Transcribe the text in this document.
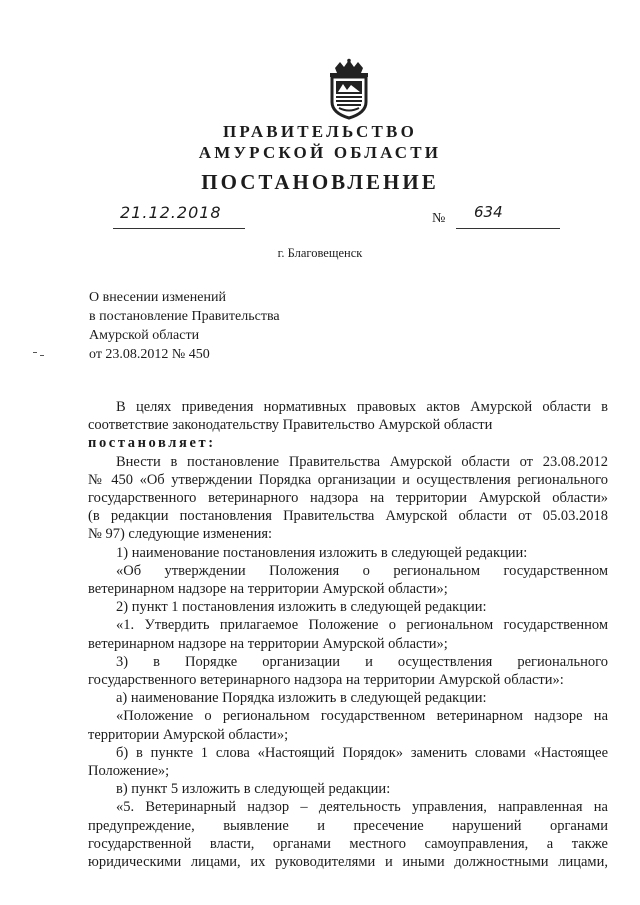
ПРАВИТЕЛЬСТВО
АМУРСКОЙ ОБЛАСТИ
ПОСТАНОВЛЕНИЕ
21.12.2018	№ 634
г. Благовещенск
О внесении изменений
в постановление Правительства
Амурской области
от 23.08.2012 № 450
В целях приведения нормативных правовых актов Амурской области в
соответствие законодательству Правительство Амурской области
постановляет:
Внести в постановление Правительства Амурской области от 23.08.2012
№ 450 «Об утверждении Порядка организации и осуществления регионального
государственного ветеринарного надзора на территории Амурской области»
(в редакции постановления Правительства Амурской области от 05.03.2018
№ 97) следующие изменения:
1) наименование постановления изложить в следующей редакции:
«Об утверждении Положения о региональном государственном
ветеринарном надзоре на территории Амурской области»;
2) пункт 1 постановления изложить в следующей редакции:
«1. Утвердить прилагаемое Положение о региональном государственном
ветеринарном надзоре на территории Амурской области»;
3) в Порядке организации и осуществления регионального
государственного ветеринарного надзора на территории Амурской области»:
а) наименование Порядка изложить в следующей редакции:
«Положение о региональном государственном ветеринарном надзоре на
территории Амурской области»;
б) в пункте 1 слова «Настоящий Порядок» заменить словами «Настоящее
Положение»;
в) пункт 5 изложить в следующей редакции:
«5. Ветеринарный надзор – деятельность управления, направленная на
предупреждение, выявление и пресечение нарушений органами
государственной власти, органами местного самоуправления, а также
юридическими лицами, их руководителями и иными должностными лицами,
